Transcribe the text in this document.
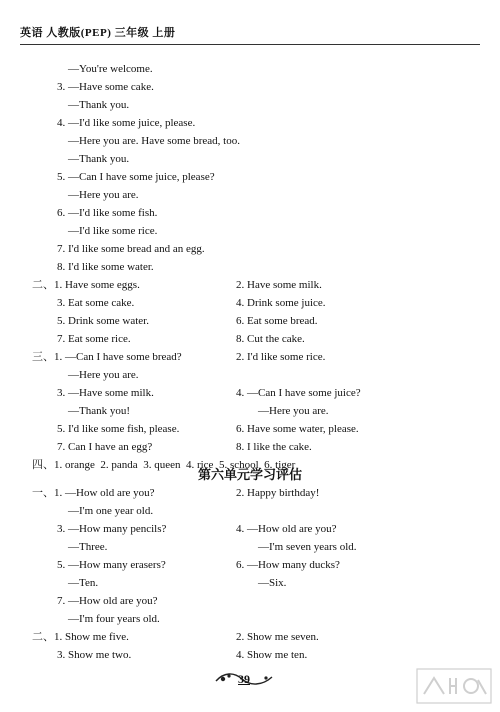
英语 人教版(PEP) 三年级 上册
—You're welcome.
3. —Have some cake.
—Thank you.
4. —I'd like some juice, please.
—Here you are. Have some bread, too.
—Thank you.
5. —Can I have some juice, please?
—Here you are.
6. —I'd like some fish.
—I'd like some rice.
7. I'd like some bread and an egg.
8. I'd like some water.
二、1. Have some eggs.	2. Have some milk.
3. Eat some cake.	4. Drink some juice.
5. Drink some water.	6. Eat some bread.
7. Eat some rice.	8. Cut the cake.
三、1. —Can I have some bread?	2. I'd like some rice.
—Here you are.
3. —Have some milk.	4. —Can I have some juice?
—Thank you!	—Here you are.
5. I'd like some fish, please.	6. Have some water, please.
7. Can I have an egg?	8. I like the cake.
四、1. orange  2. panda  3. queen  4. rice  5. school  6. tiger
第六单元学习评估
一、1. —How old are you?	2. Happy birthday!
—I'm one year old.
3. —How many pencils?	4. —How old are you?
—Three.	—I'm seven years old.
5. —How many erasers?	6. —How many ducks?
—Ten.	—Six.
7. —How old are you?
—I'm four years old.
二、1. Show me five.	2. Show me seven.
3. Show me two.	4. Show me ten.
39
